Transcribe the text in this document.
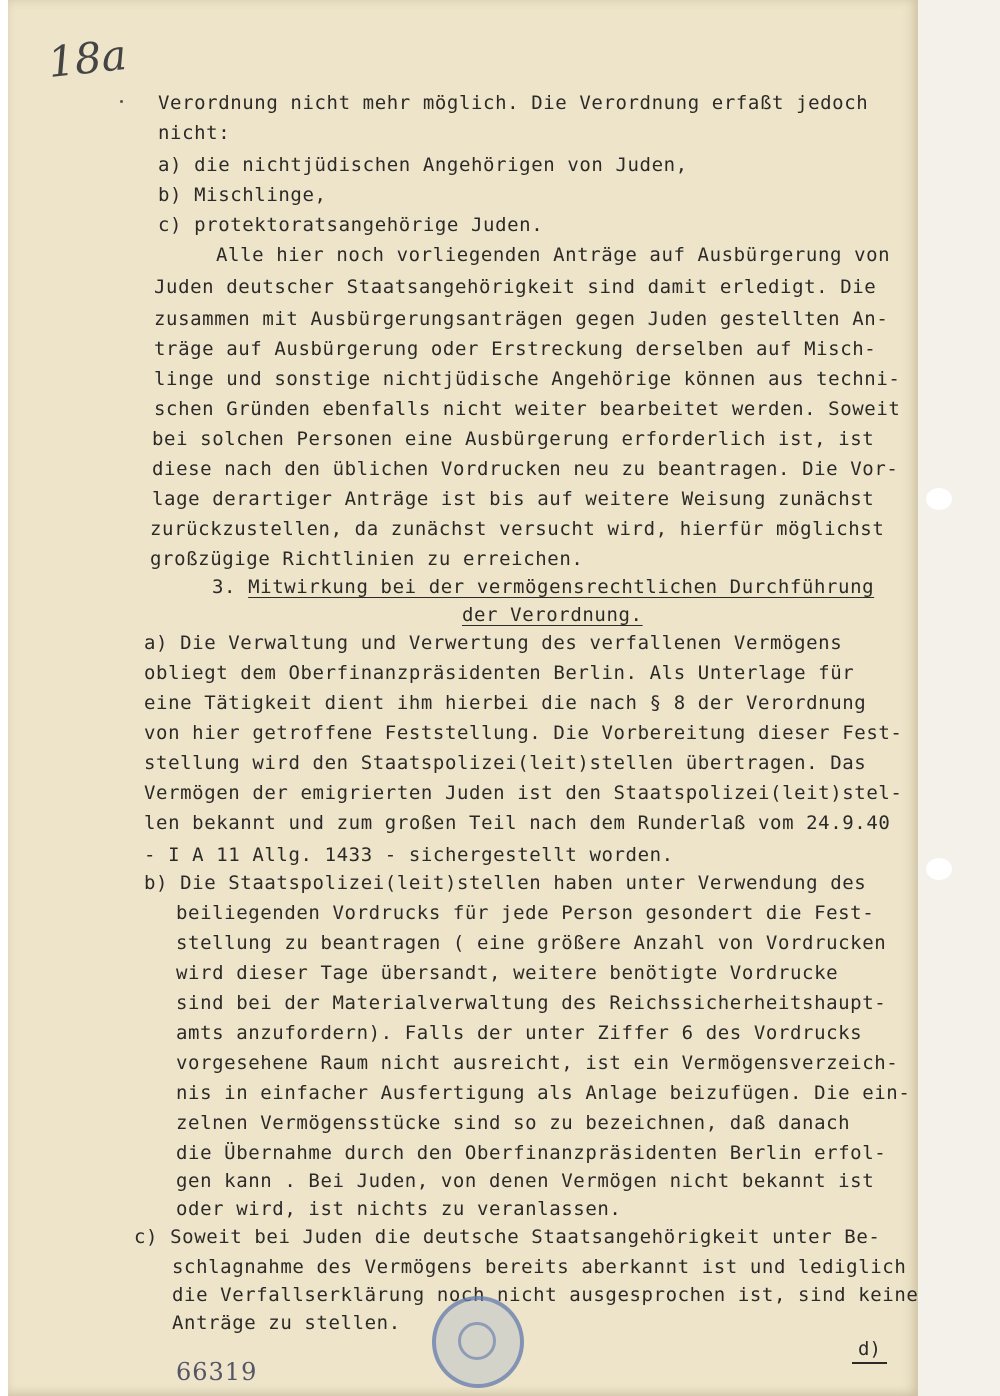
18a
Verordnung nicht mehr möglich. Die Verordnung erfaßt jedoch
nicht:
a) die nichtjüdischen Angehörigen von Juden,
b) Mischlinge,
c) protektoratsangehörige Juden.
Alle hier noch vorliegenden Anträge auf Ausbürgerung von
Juden deutscher Staatsangehörigkeit sind damit erledigt. Die
zusammen mit Ausbürgerungsanträgen gegen Juden gestellten An-
träge auf Ausbürgerung oder Erstreckung derselben auf Misch-
linge und sonstige nichtjüdische Angehörige können aus techni-
schen Gründen ebenfalls nicht weiter bearbeitet werden. Soweit
bei solchen Personen eine Ausbürgerung erforderlich ist, ist
diese nach den üblichen Vordrucken neu zu beantragen. Die Vor-
lage derartiger Anträge ist bis auf weitere Weisung zunächst
zurückzustellen, da zunächst versucht wird, hierfür möglichst
großzügige Richtlinien zu erreichen.
3. Mitwirkung bei der vermögensrechtlichen Durchführung
der Verordnung.
a) Die Verwaltung und Verwertung des verfallenen Vermögens
obliegt dem Oberfinanzpräsidenten Berlin. Als Unterlage für
eine Tätigkeit dient ihm hierbei die nach § 8 der Verordnung
von hier getroffene Feststellung. Die Vorbereitung dieser Fest-
stellung wird den Staatspolizei(leit)stellen übertragen. Das
Vermögen der emigrierten Juden ist den Staatspolizei(leit)stel-
len bekannt und zum großen Teil nach dem Runderlaß vom 24.9.40
- I A 11 Allg. 1433 - sichergestellt worden.
b) Die Staatspolizei(leit)stellen haben unter Verwendung des
beiliegenden Vordrucks für jede Person gesondert die Fest-
stellung zu beantragen ( eine größere Anzahl von Vordrucken
wird dieser Tage übersandt, weitere benötigte Vordrucke
sind bei der Materialverwaltung des Reichssicherheitshaupt-
amts anzufordern). Falls der unter Ziffer 6 des Vordrucks
vorgesehene Raum nicht ausreicht, ist ein Vermögensverzeich-
nis in einfacher Ausfertigung als Anlage beizufügen. Die ein-
zelnen Vermögensstücke sind so zu bezeichnen, daß danach
die Übernahme durch den Oberfinanzpräsidenten Berlin erfol-
gen kann . Bei Juden, von denen Vermögen nicht bekannt ist
oder wird, ist nichts zu veranlassen.
c) Soweit bei Juden die deutsche Staatsangehörigkeit unter Be-
schlagnahme des Vermögens bereits aberkannt ist und lediglich
die Verfallserklärung noch nicht ausgesprochen ist, sind keine
Anträge zu stellen.
d)
66319
